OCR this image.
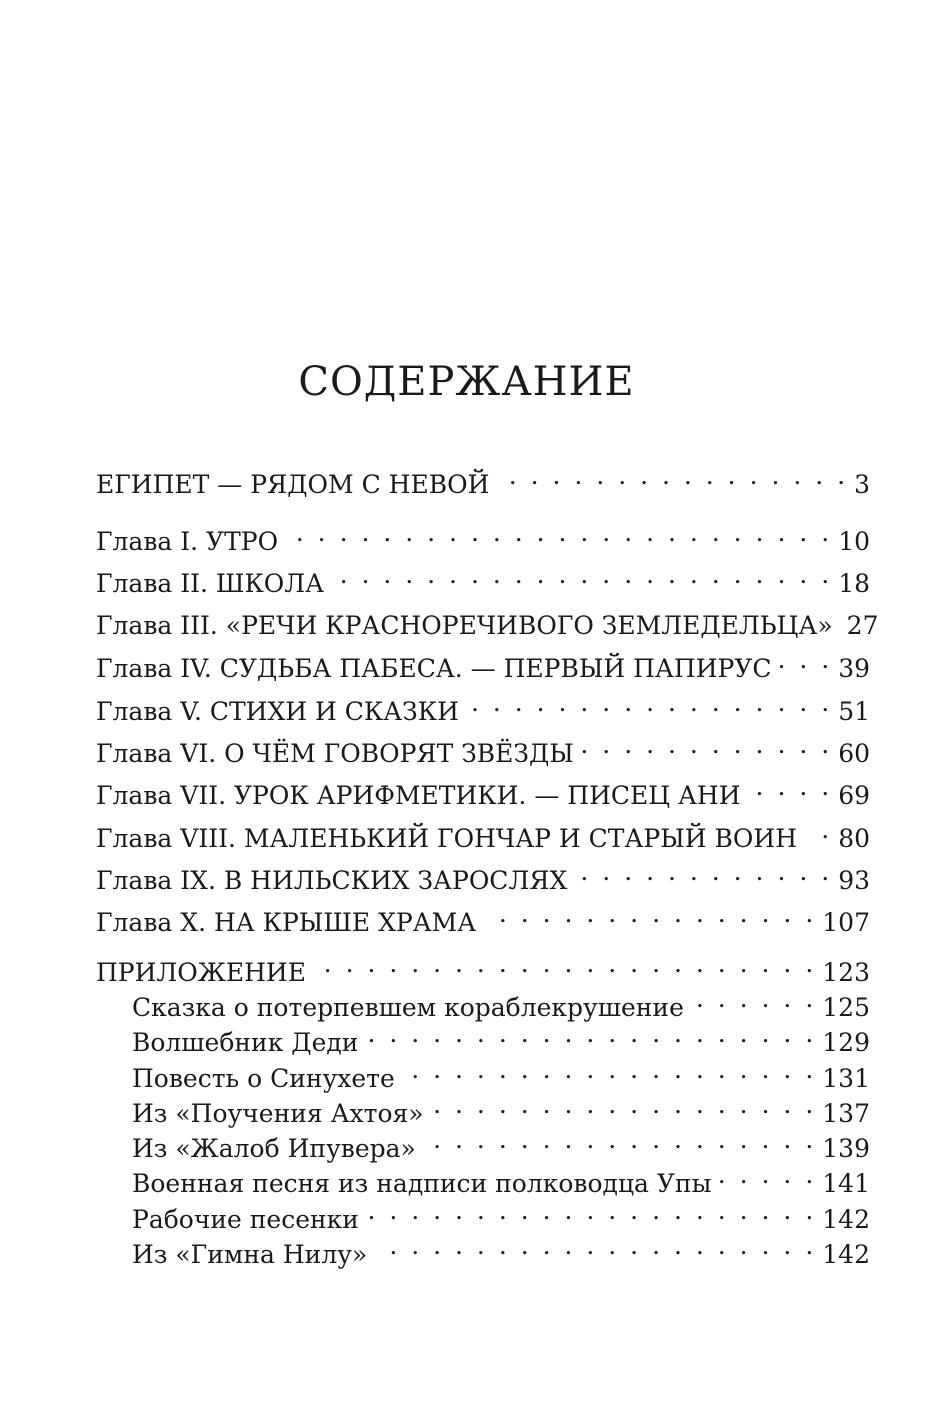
СОДЕРЖАНИЕ
ЕГИПЕТ — РЯДОМ С НЕВОЙ . . .	3
Глава I. УТРО . . .	10
Глава II. ШКОЛА . . .	18
Глава III. «РЕЧИ КРАСНОРЕЧИВОГО ЗЕМЛЕДЕЛЬЦА» 27
Глава IV. СУДЬБА ПАБЕСА. — ПЕРВЫЙ ПАПИРУС . . .	39
Глава V. СТИХИ И СКАЗКИ . . .	51
Глава VI. О ЧЁМ ГОВОРЯТ ЗВЁЗДЫ . . .	60
Глава VII. УРОК АРИФМЕТИКИ. — ПИСЕЦ АНИ . . .	69
Глава VIII. МАЛЕНЬКИЙ ГОНЧАР И СТАРЫЙ ВОИН . . . 80
Глава IX. В НИЛЬСКИХ ЗАРОСЛЯХ . . .	93
Глава X. НА КРЫШЕ ХРАМА . . .	107
ПРИЛОЖЕНИЕ . . .	123
Сказка о потерпевшем кораблекрушение . . .	125
Волшебник Деди . . .	129
Повесть о Синухете . . .	131
Из «Поучения Ахтоя» . . .	137
Из «Жалоб Ипувера» . . .	139
Военная песня из надписи полководца Упы . . .	141
Рабочие песенки . . .	142
Из «Гимна Нилу» . . .	142
